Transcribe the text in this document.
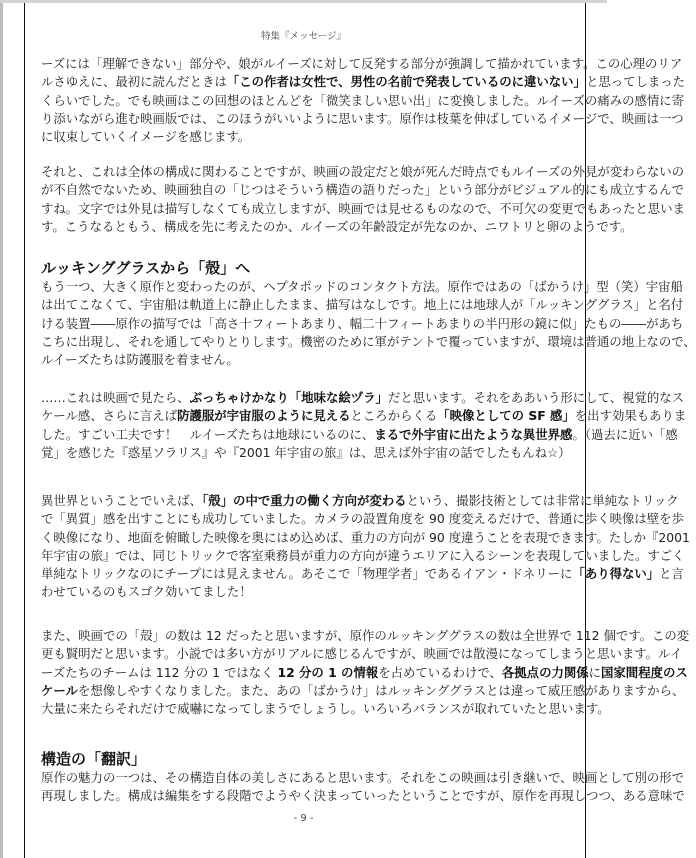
特集『メッセージ』
ーズには「理解できない」部分や、娘がルイーズに対して反発する部分が強調して描かれています。この心理のリア
ルさゆえに、最初に読んだときは「この作者は女性で、男性の名前で発表しているのに違いない」と思ってしまった
くらいでした。でも映画はこの回想のほとんどを「微笑ましい思い出」に変換しました。ルイーズの痛みの感情に寄
り添いながら進む映画版では、このほうがいいように思います。原作は枝葉を伸ばしているイメージで、映画は一つ
に収束していくイメージを感じます。
それと、これは全体の構成に関わることですが、映画の設定だと娘が死んだ時点でもルイーズの外見が変わらないの
が不自然でないため、映画独自の「じつはそういう構造の語りだった」という部分がビジュアル的にも成立するんで
すね。文字では外見は描写しなくても成立しますが、映画では見せるものなので、不可欠の変更でもあったと思いま
す。こうなるともう、構成を先に考えたのか、ルイーズの年齢設定が先なのか、ニワトリと卵のようです。
ルッキンググラスから「殻」へ
もう一つ、大きく原作と変わったのが、ヘプタポッドのコンタクト方法。原作ではあの「ばかうけ」型（笑）宇宙船
は出てこなくて、宇宙船は軌道上に静止したまま、描写はなしです。地上には地球人が「ルッキンググラス」と名付
ける装置――原作の描写では「高さ十フィートあまり、幅二十フィートあまりの半円形の鏡に似」たもの――があち
こちに出現し、それを通してやりとりします。機密のために軍がテントで覆っていますが、環境は普通の地上なので、
ルイーズたちは防護服を着ません。
……これは映画で見たら、ぶっちゃけかなり「地味な絵ヅラ」だと思います。それをああいう形にして、視覚的なス
ケール感、さらに言えば防護服が宇宙服のように見えるところからくる「映像としての SF 感」を出す効果もありま
した。すごい工夫です！　ルイーズたちは地球にいるのに、まるで外宇宙に出たような異世界感。（過去に近い「感
覚」を感じた『惑星ソラリス』や『2001 年宇宙の旅』は、思えば外宇宙の話でしたもんね☆）
異世界ということでいえば、「殻」の中で重力の働く方向が変わるという、撮影技術としては非常に単純なトリック
で「異質」感を出すことにも成功していました。カメラの設置角度を 90 度変えるだけで、普通に歩く映像は壁を歩
く映像になり、地面を俯瞰した映像を奥にはめ込めば、重力の方向が 90 度違うことを表現できます。たしか『2001
年宇宙の旅』では、同じトリックで客室乗務員が重力の方向が違うエリアに入るシーンを表現していました。すごく
単純なトリックなのにチープには見えません。あそこで「物理学者」であるイアン・ドネリーに「あり得ない」と言
わせているのもスゴク効いてました！
また、映画での「殻」の数は 12 だったと思いますが、原作のルッキンググラスの数は全世界で 112 個です。この変
更も賢明だと思います。小説では多い方がリアルに感じるんですが、映画では散漫になってしまうと思います。ルイ
ーズたちのチームは 112 分の 1 ではなく 12 分の 1 の情報を占めているわけで、各拠点の力関係に国家間程度のス
ケールを想像しやすくなりました。また、あの「ばかうけ」はルッキンググラスとは違って威圧感がありますから、
大量に来たらそれだけで威嚇になってしまうでしょうし。いろいろバランスが取れていたと思います。
構造の「翻訳」
原作の魅力の一つは、その構造自体の美しさにあると思います。それをこの映画は引き継いで、映画として別の形で
再現しました。構成は編集をする段階でようやく決まっていったということですが、原作を再現しつつ、ある意味で
- 9 -
